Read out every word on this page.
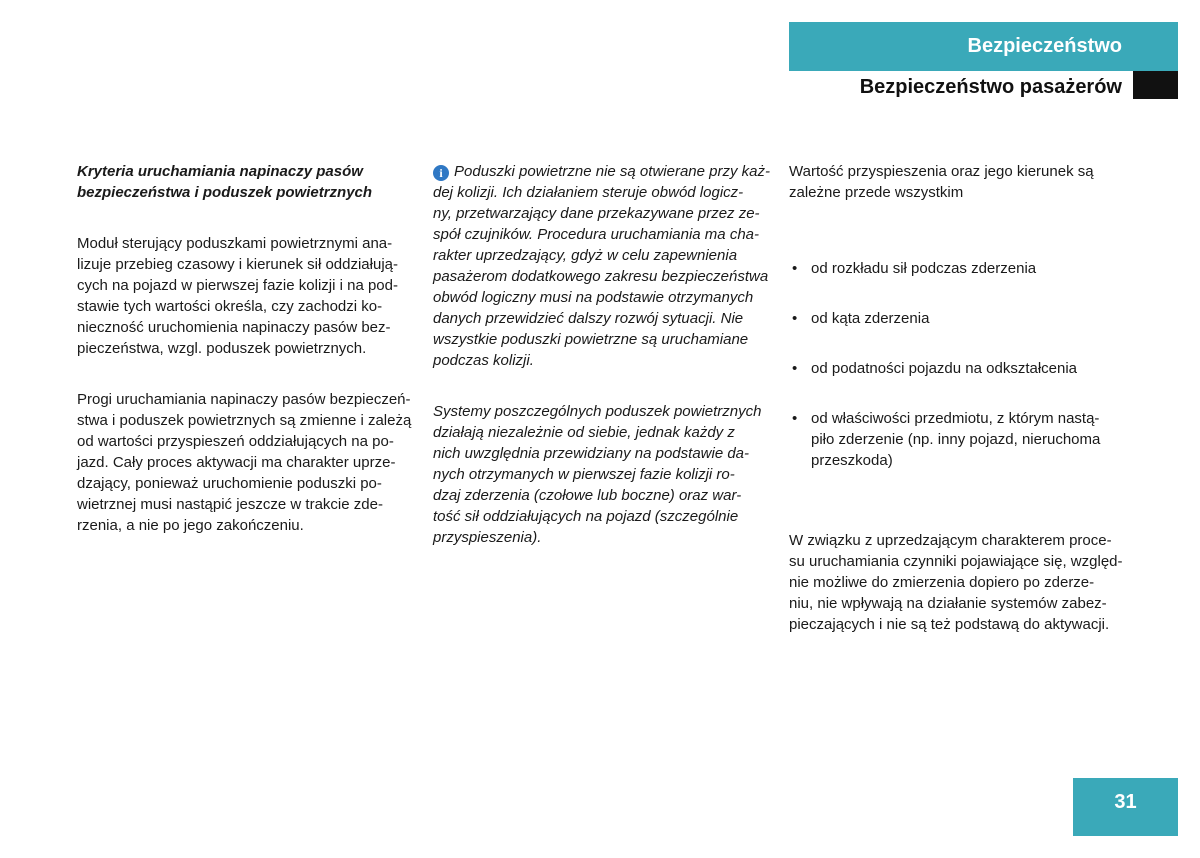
Bezpieczeństwo
Bezpieczeństwo pasażerów

Kryteria uruchamiania napinaczy pasów
bezpieczeństwa i poduszek powietrznych

Moduł sterujący poduszkami powietrznymi ana-
lizuje przebieg czasowy i kierunek sił oddziałują-
cych na pojazd w pierwszej fazie kolizji i na pod-
stawie tych wartości określa, czy zachodzi ko-
nieczność uruchomienia napinaczy pasów bez-
pieczeństwa, wzgl. poduszek powietrznych.

Progi uruchamiania napinaczy pasów bezpieczeń-
stwa i poduszek powietrznych są zmienne i zależą
od wartości przyspieszeń oddziałujących na po-
jazd. Cały proces aktywacji ma charakter uprze-
dzający, ponieważ uruchomienie poduszki po-
wietrznej musi nastąpić jeszcze w trakcie zde-
rzenia, a nie po jego zakończeniu.

i Poduszki powietrzne nie są otwierane przy każ-
dej kolizji. Ich działaniem steruje obwód logicz-
ny, przetwarzający dane przekazywane przez ze-
spół czujników. Procedura uruchamiania ma cha-
rakter uprzedzający, gdyż w celu zapewnienia
pasażerom dodatkowego zakresu bezpieczeństwa
obwód logiczny musi na podstawie otrzymanych
danych przewidzieć dalszy rozwój sytuacji. Nie
wszystkie poduszki powietrzne są uruchamiane
podczas kolizji.

Systemy poszczególnych poduszek powietrznych
działają niezależnie od siebie, jednak każdy z
nich uwzględnia przewidziany na podstawie da-
nych otrzymanych w pierwszej fazie kolizji ro-
dzaj zderzenia (czołowe lub boczne) oraz war-
tość sił oddziałujących na pojazd (szczególnie
przyspieszenia).

Wartość przyspieszenia oraz jego kierunek są
zależne przede wszystkim

• od rozkładu sił podczas zderzenia

• od kąta zderzenia

• od podatności pojazdu na odkształcenia

• od właściwości przedmiotu, z którym nastą-
piło zderzenie (np. inny pojazd, nieruchoma
przeszkoda)

W związku z uprzedzającym charakterem proce-
su uruchamiania czynniki pojawiające się, względ-
nie możliwe do zmierzenia dopiero po zderze-
niu, nie wpływają na działanie systemów zabez-
pieczających i nie są też podstawą do aktywacji.

31
